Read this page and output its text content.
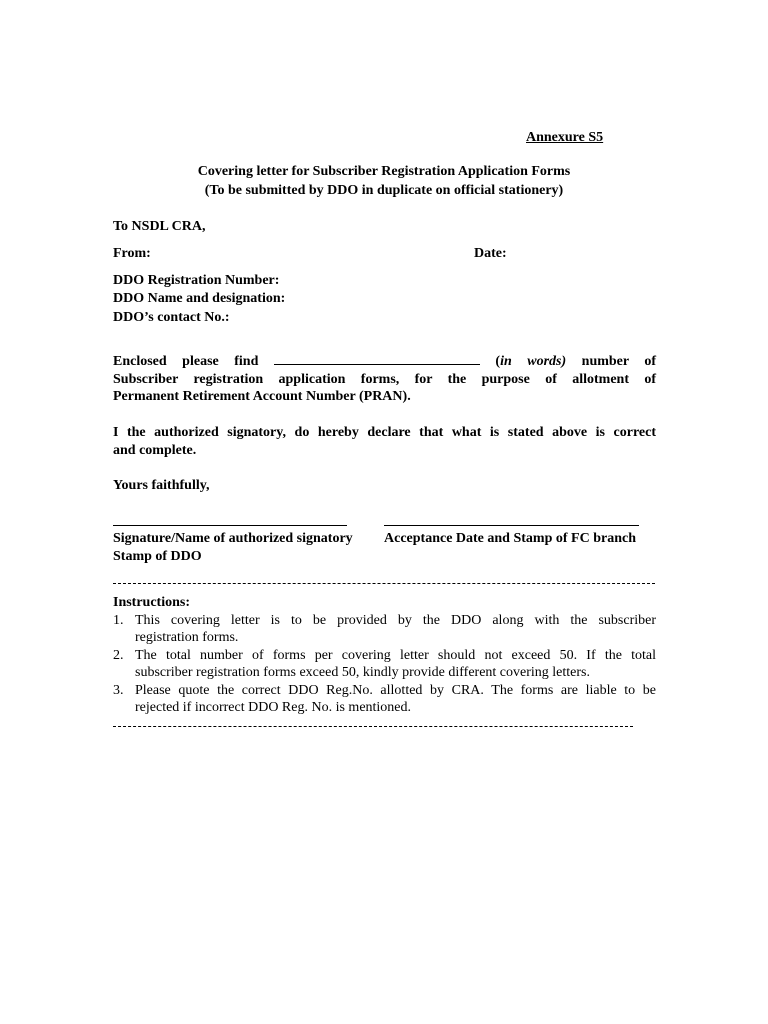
Annexure S5
Covering letter for Subscriber Registration Application Forms
(To be submitted by DDO in duplicate on official stationery)
To NSDL CRA,
From:	Date:
DDO Registration Number:
DDO Name and designation:
DDO’s contact No.:
Enclosed please find	(in words) number of
Subscriber registration application forms, for the purpose of allotment of
Permanent Retirement Account Number (PRAN).
I the authorized signatory, do hereby declare that what is stated above is correct
and complete.
Yours faithfully,
Signature/Name of authorized signatory Acceptance Date and Stamp of FC branch
Stamp of DDO
Instructions:
1. This covering letter is to be provided by the DDO along with the subscriber
registration forms.
2. The total number of forms per covering letter should not exceed 50. If the total
subscriber registration forms exceed 50, kindly provide different covering letters.
3. Please quote the correct DDO Reg.No. allotted by CRA. The forms are liable to be
rejected if incorrect DDO Reg. No. is mentioned.
